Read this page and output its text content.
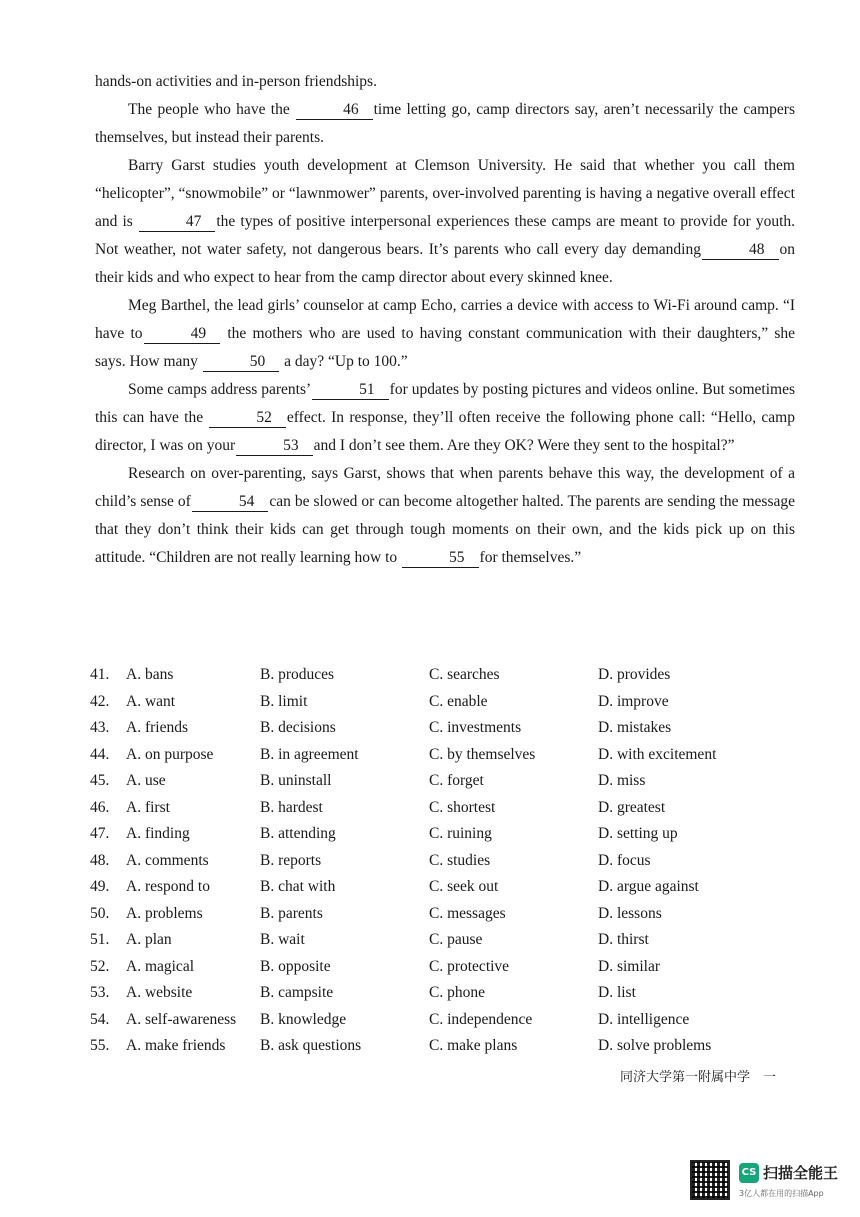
hands-on activities and in-person friendships.

The people who have the	46 time letting go, camp directors say, aren’t necessarily the campers themselves, but instead their parents.

Barry Garst studies youth development at Clemson University. He said that whether you call them “helicopter”, “snowmobile” or “lawnmower” parents, over-involved parenting is having a negative overall effect and is	47 the types of positive interpersonal experiences these camps are meant to provide for youth. Not weather, not water safety, not dangerous bears. It’s parents who call every day demanding	48 on their kids and who expect to hear from the camp director about every skinned knee.

Meg Barthel, the lead girls’ counselor at camp Echo, carries a device with access to Wi-Fi around camp. “I have to	49 the mothers who are used to having constant communication with their daughters,” she says. How many	50 a day? “Up to 100.”

Some camps address parents’	51 for updates by posting pictures and videos online. But sometimes this can have the	52 effect. In response, they’ll often receive the following phone call: “Hello, camp director, I was on your	53 and I don’t see them. Are they OK? Were they sent to the hospital?”

Research on over-parenting, says Garst, shows that when parents behave this way, the development of a child’s sense of	54 can be slowed or can become altogether halted. The parents are sending the message that they don’t think their kids can get through tough moments on their own, and the kids pick up on this attitude. “Children are not really learning how to	55 for themselves.”

41. A. bans	B. produces	C. searches	D. provides
42. A. want	B. limit	C. enable	D. improve
43. A. friends	B. decisions	C. investments	D. mistakes
44. A. on purpose	B. in agreement	C. by themselves	D. with excitement
45. A. use	B. uninstall	C. forget	D. miss
46. A. first	B. hardest	C. shortest	D. greatest
47. A. finding	B. attending	C. ruining	D. setting up
48. A. comments	B. reports	C. studies	D. focus
49. A. respond to	B. chat with	C. seek out	D. argue against
50. A. problems	B. parents	C. messages	D. lessons
51. A. plan	B. wait	C. pause	D. thirst
52. A. magical	B. opposite	C. protective	D. similar
53. A. website	B. campsite	C. phone	D. list
54. A. self-awareness B. knowledge	C. independence	D. intelligence
55. A. make friends B. ask questions	C. make plans	D. solve problems
同济大学第一附属中学　一
CS 扫描全能王
3亿人都在用的扫描App
